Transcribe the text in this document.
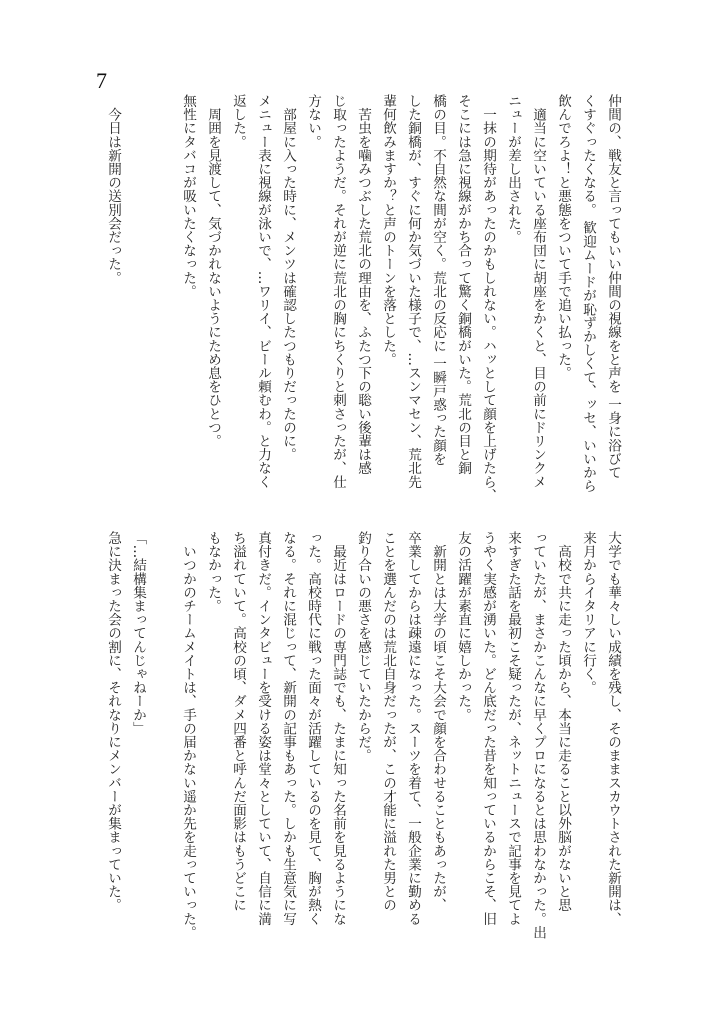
7
仲間の、戦友と言ってもいい仲間の視線をと声を 一身に浴びて
くすぐったくなる。 歓迎ムードが恥ずかしくて、ッセ、いいから
飲んでろよ！と悪態をついて手で追い払った。
　適当に空いている座布団に胡座をかくと、目の前にドリンクメ
ニューが差し出された。
　一抹の期待があったのかもしれない。ハッとして顔を上げたら、
そこには急に視線がかち合って驚く銅橋がいた。荒北の目と銅
橋の目。不自然な間が空く。荒北の反応に 一瞬戸惑った顔を
した銅橋が、すぐに何か気づいた様子で、…スンマセン、荒北先
輩何飲みますか？と声のトーンを落とした。
　苦虫を噛みつぶした荒北の理由を、ふたつ下の聡い後輩は感
じ取ったようだ。それが逆に荒北の胸にちくりと刺さったが、仕
方ない。
　部屋に入った時に、メンツは確認したつもりだったのに。
メニュー表に視線が泳いで、…ワリイ、ビール頼むわ。と力なく
返した。
　周囲を見渡して、気づかれないようにため息をひとつ。
無性にタバコが吸いたくなった。
　今日は新開の送別会だった。
大学でも華々しい成績を残し、そのままスカウトされた新開は、
来月からイタリアに行く。
　高校で共に走った頃から、本当に走ること以外脳がないと思
っていたが、まさかこんなに早くプロになるとは思わなかった。出
来すぎた話を最初こそ疑ったが、ネットニュースで記事を見てよ
うやく実感が湧いた。どん底だった昔を知っているからこそ、旧
友の活躍が素直に嬉しかった。
　新開とは大学の頃こそ大会で顔を合わせることもあったが、
卒業してからは疎遠になった。スーツを着て、一般企業に勤める
ことを選んだのは荒北自身だったが、この才能に溢れた男との
釣り合いの悪さを感じていたからだ。
　最近はロードの専門誌でも、たまに知った名前を見るようにな
った。高校時代に戦った面々が活躍しているのを見て、胸が熱く
なる。それに混じって、新開の記事もあった。しかも生意気に写
真付きだ。インタビューを受ける姿は堂々としていて、自信に満
ち溢れていて。高校の頃、ダメ四番と呼んだ面影はもうどこに
もなかった。
　いつかのチームメイトは、手の届かない遥か先を走っていった。
「…結構集まってんじゃねーか」
急に決まった会の割に、それなりにメンバーが集まっていた。
